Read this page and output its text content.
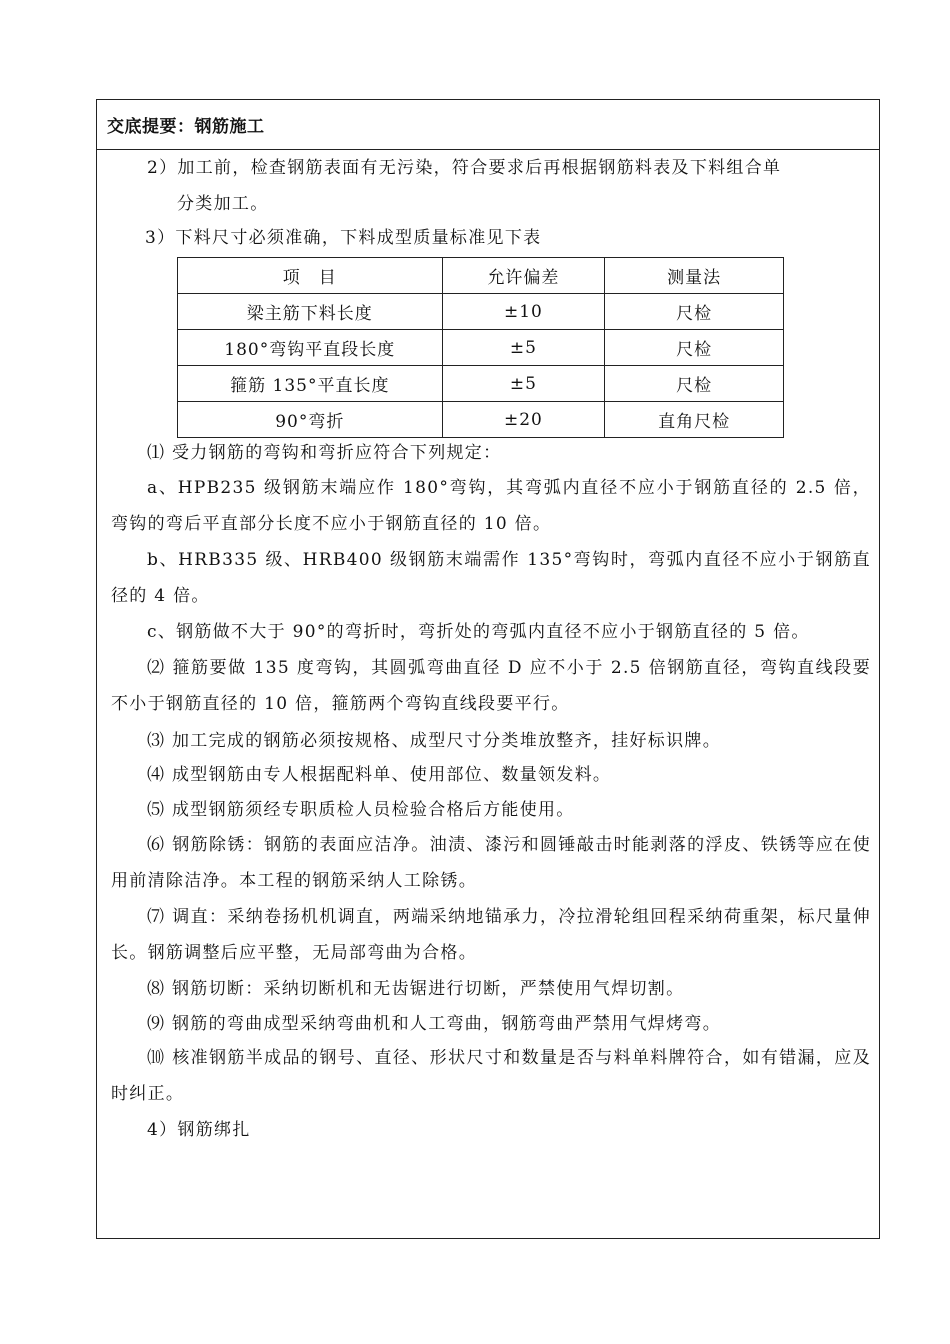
交底提要：钢筋施工

2）加工前，检查钢筋表面有无污染，符合要求后再根据钢筋料表及下料组合单

分类加工。

3）下料尺寸必须准确，下料成型质量标准见下表

项　目	允许偏差	测量法
梁主筋下料长度	±10	尺检
180°弯钩平直段长度	±5	尺检
箍筋 135°平直长度	±5	尺检
90°弯折	±20	直角尺检

⑴ 受力钢筋的弯钩和弯折应符合下列规定：

a、HPB235 级钢筋末端应作 180°弯钩，其弯弧内直径不应小于钢筋直径的 2.5 倍，弯钩的弯后平直部分长度不应小于钢筋直径的 10 倍。

b、HRB335 级、HRB400 级钢筋末端需作 135°弯钩时，弯弧内直径不应小于钢筋直径的 4 倍。

c、钢筋做不大于 90°的弯折时，弯折处的弯弧内直径不应小于钢筋直径的 5 倍。

⑵ 箍筋要做 135 度弯钩，其圆弧弯曲直径 D 应不小于 2.5 倍钢筋直径，弯钩直线段要不小于钢筋直径的 10 倍，箍筋两个弯钩直线段要平行。

⑶ 加工完成的钢筋必须按规格、成型尺寸分类堆放整齐，挂好标识牌。

⑷ 成型钢筋由专人根据配料单、使用部位、数量领发料。

⑸ 成型钢筋须经专职质检人员检验合格后方能使用。

⑹ 钢筋除锈：钢筋的表面应洁净。油渍、漆污和圆锤敲击时能剥落的浮皮、铁锈等应在使用前清除洁净。本工程的钢筋采纳人工除锈。

⑺ 调直：采纳卷扬机机调直，两端采纳地锚承力，冷拉滑轮组回程采纳荷重架，标尺量伸长。钢筋调整后应平整，无局部弯曲为合格。

⑻ 钢筋切断：采纳切断机和无齿锯进行切断，严禁使用气焊切割。

⑼ 钢筋的弯曲成型采纳弯曲机和人工弯曲，钢筋弯曲严禁用气焊烤弯。

⑽ 核准钢筋半成品的钢号、直径、形状尺寸和数量是否与料单料牌符合，如有错漏，应及时纠正。

4）钢筋绑扎
